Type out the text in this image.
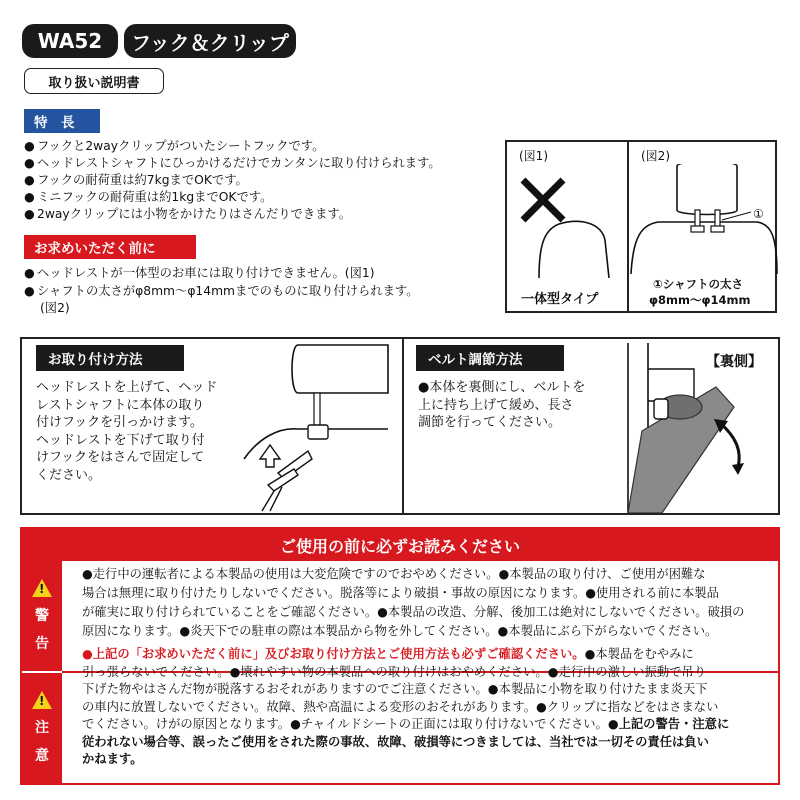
WA52 フック＆クリップ
取り扱い説明書
特　長
● フックと2wayクリップがついたシートフックです。
● ヘッドレストシャフトにひっかけるだけでカンタンに取り付けられます。
● フックの耐荷重は約7kgまでOKです。
● ミニフックの耐荷重は約1kgまでOKです。
● 2wayクリップには小物をかけたりはさんだりできます。
お求めいただく前に
● ヘッドレストが一体型のお車には取り付けできません。(図1)
● シャフトの太さがφ8mm〜φ14mmまでのものに取り付けられます。
(図2)
(図1)	(図2)
一体型タイプ
①
①シャフトの太さ
φ8mm〜φ14mm
お取り付け方法
ヘッドレストを上げて、ヘッド
レストシャフトに本体の取り
付けフックを引っかけます。
ヘッドレストを下げて取り付
けフックをはさんで固定して
ください。
ベルト調節方法	【裏側】
●本体を裏側にし、ベルトを
上に持ち上げて緩め、長さ
調節を行ってください。
ご使用の前に必ずお読みください
!
警
告
!
注
意
●走行中の運転者による本製品の使用は大変危険ですのでおやめください。●本製品の取り付け、ご使用が困難な
場合は無理に取り付けたりしないでください。脱落等により破損・事故の原因になります。●使用される前に本製品
が確実に取り付けられていることをご確認ください。●本製品の改造、分解、後加工は絶対にしないでください。破損の
原因になります。●炎天下での駐車の際は本製品から物を外してください。●本製品にぶら下がらないでください。
●上記の「お求めいただく前に」及びお取り付け方法とご使用方法も必ずご確認ください。●本製品をむやみに
引っ張らないでください。●壊れやすい物の本製品への取り付けはおやめください。●走行中の激しい振動で吊り
下げた物やはさんだ物が脱落するおそれがありますのでご注意ください。●本製品に小物を取り付けたまま炎天下
の車内に放置しないでください。故障、熱や高温による変形のおそれがあります。●クリップに指などをはさまない
でください。けがの原因となります。●チャイルドシートの正面には取り付けないでください。●上記の警告・注意に
従われない場合等、誤ったご使用をされた際の事故、故障、破損等につきましては、当社では一切その責任は負い
かねます。
